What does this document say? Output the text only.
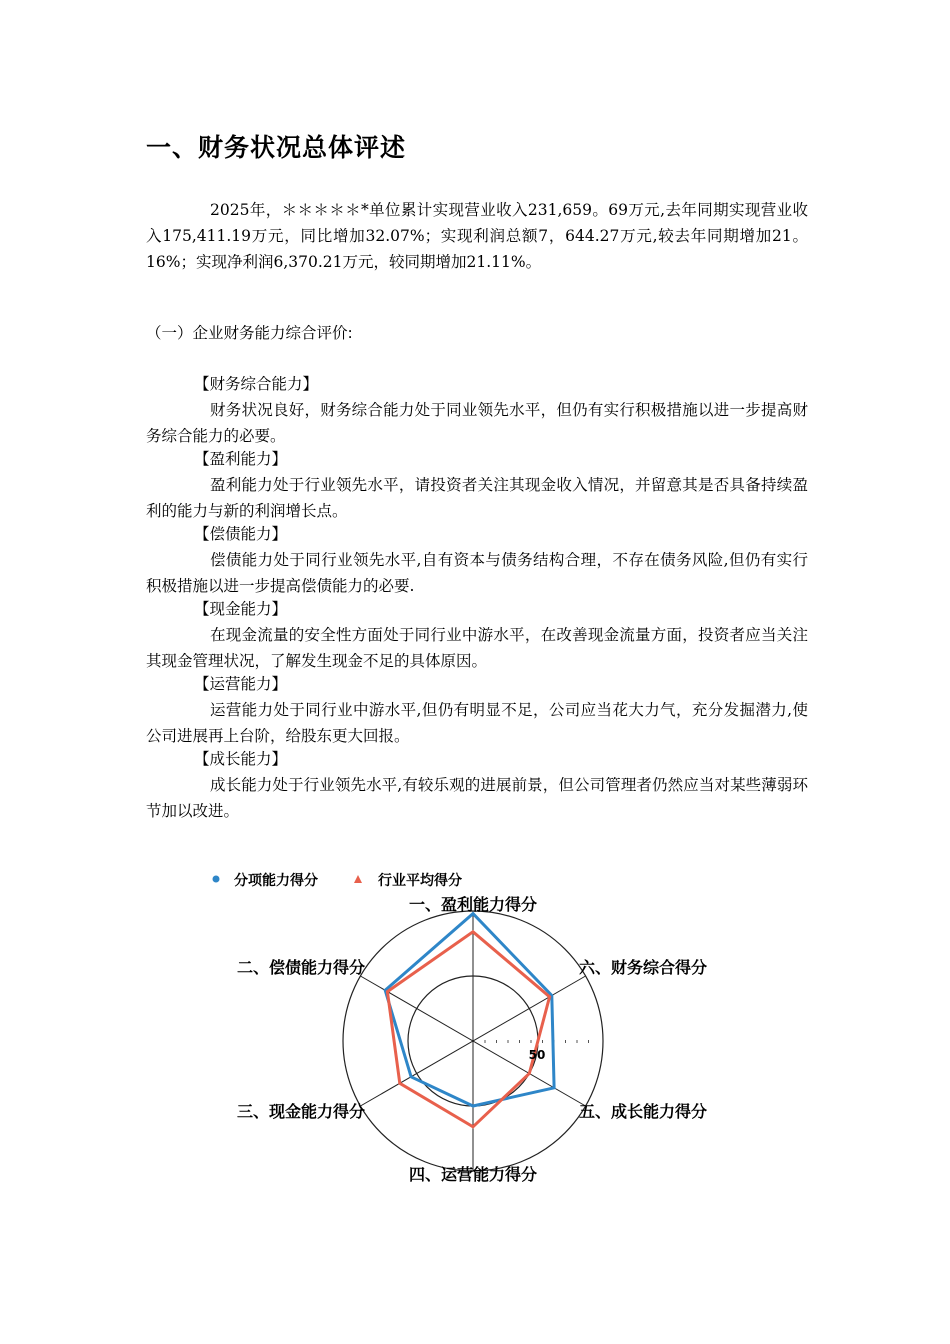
一、财务状况总体评述

2025年，＊＊＊＊＊*单位累计实现营业收入231,659。69万元,去年同期实现营业收入175,411.19万元，同比增加32.07%；实现利润总额7，644.27万元,较去年同期增加21。16%；实现净利润6,370.21万元，较同期增加21.11%。

（一）企业财务能力综合评价:

【财务综合能力】

财务状况良好，财务综合能力处于同业领先水平，但仍有实行积极措施以进一步提高财务综合能力的必要。

【盈利能力】

盈利能力处于行业领先水平，请投资者关注其现金收入情况，并留意其是否具备持续盈利的能力与新的利润增长点。

【偿债能力】

偿债能力处于同行业领先水平,自有资本与债务结构合理，不存在债务风险,但仍有实行积极措施以进一步提高偿债能力的必要.

【现金能力】

在现金流量的安全性方面处于同行业中游水平，在改善现金流量方面，投资者应当关注其现金管理状况，了解发生现金不足的具体原因。

【运营能力】

运营能力处于同行业中游水平,但仍有明显不足，公司应当花大力气，充分发掘潜力,使公司进展再上台阶，给股东更大回报。

【成长能力】

成长能力处于行业领先水平,有较乐观的进展前景，但公司管理者仍然应当对某些薄弱环节加以改进。

分项能力得分	行业平均得分
50
一、盈利能力得分
六、财务综合得分
五、成长能力得分
四、运营能力得分
三、现金能力得分
二、偿债能力得分
